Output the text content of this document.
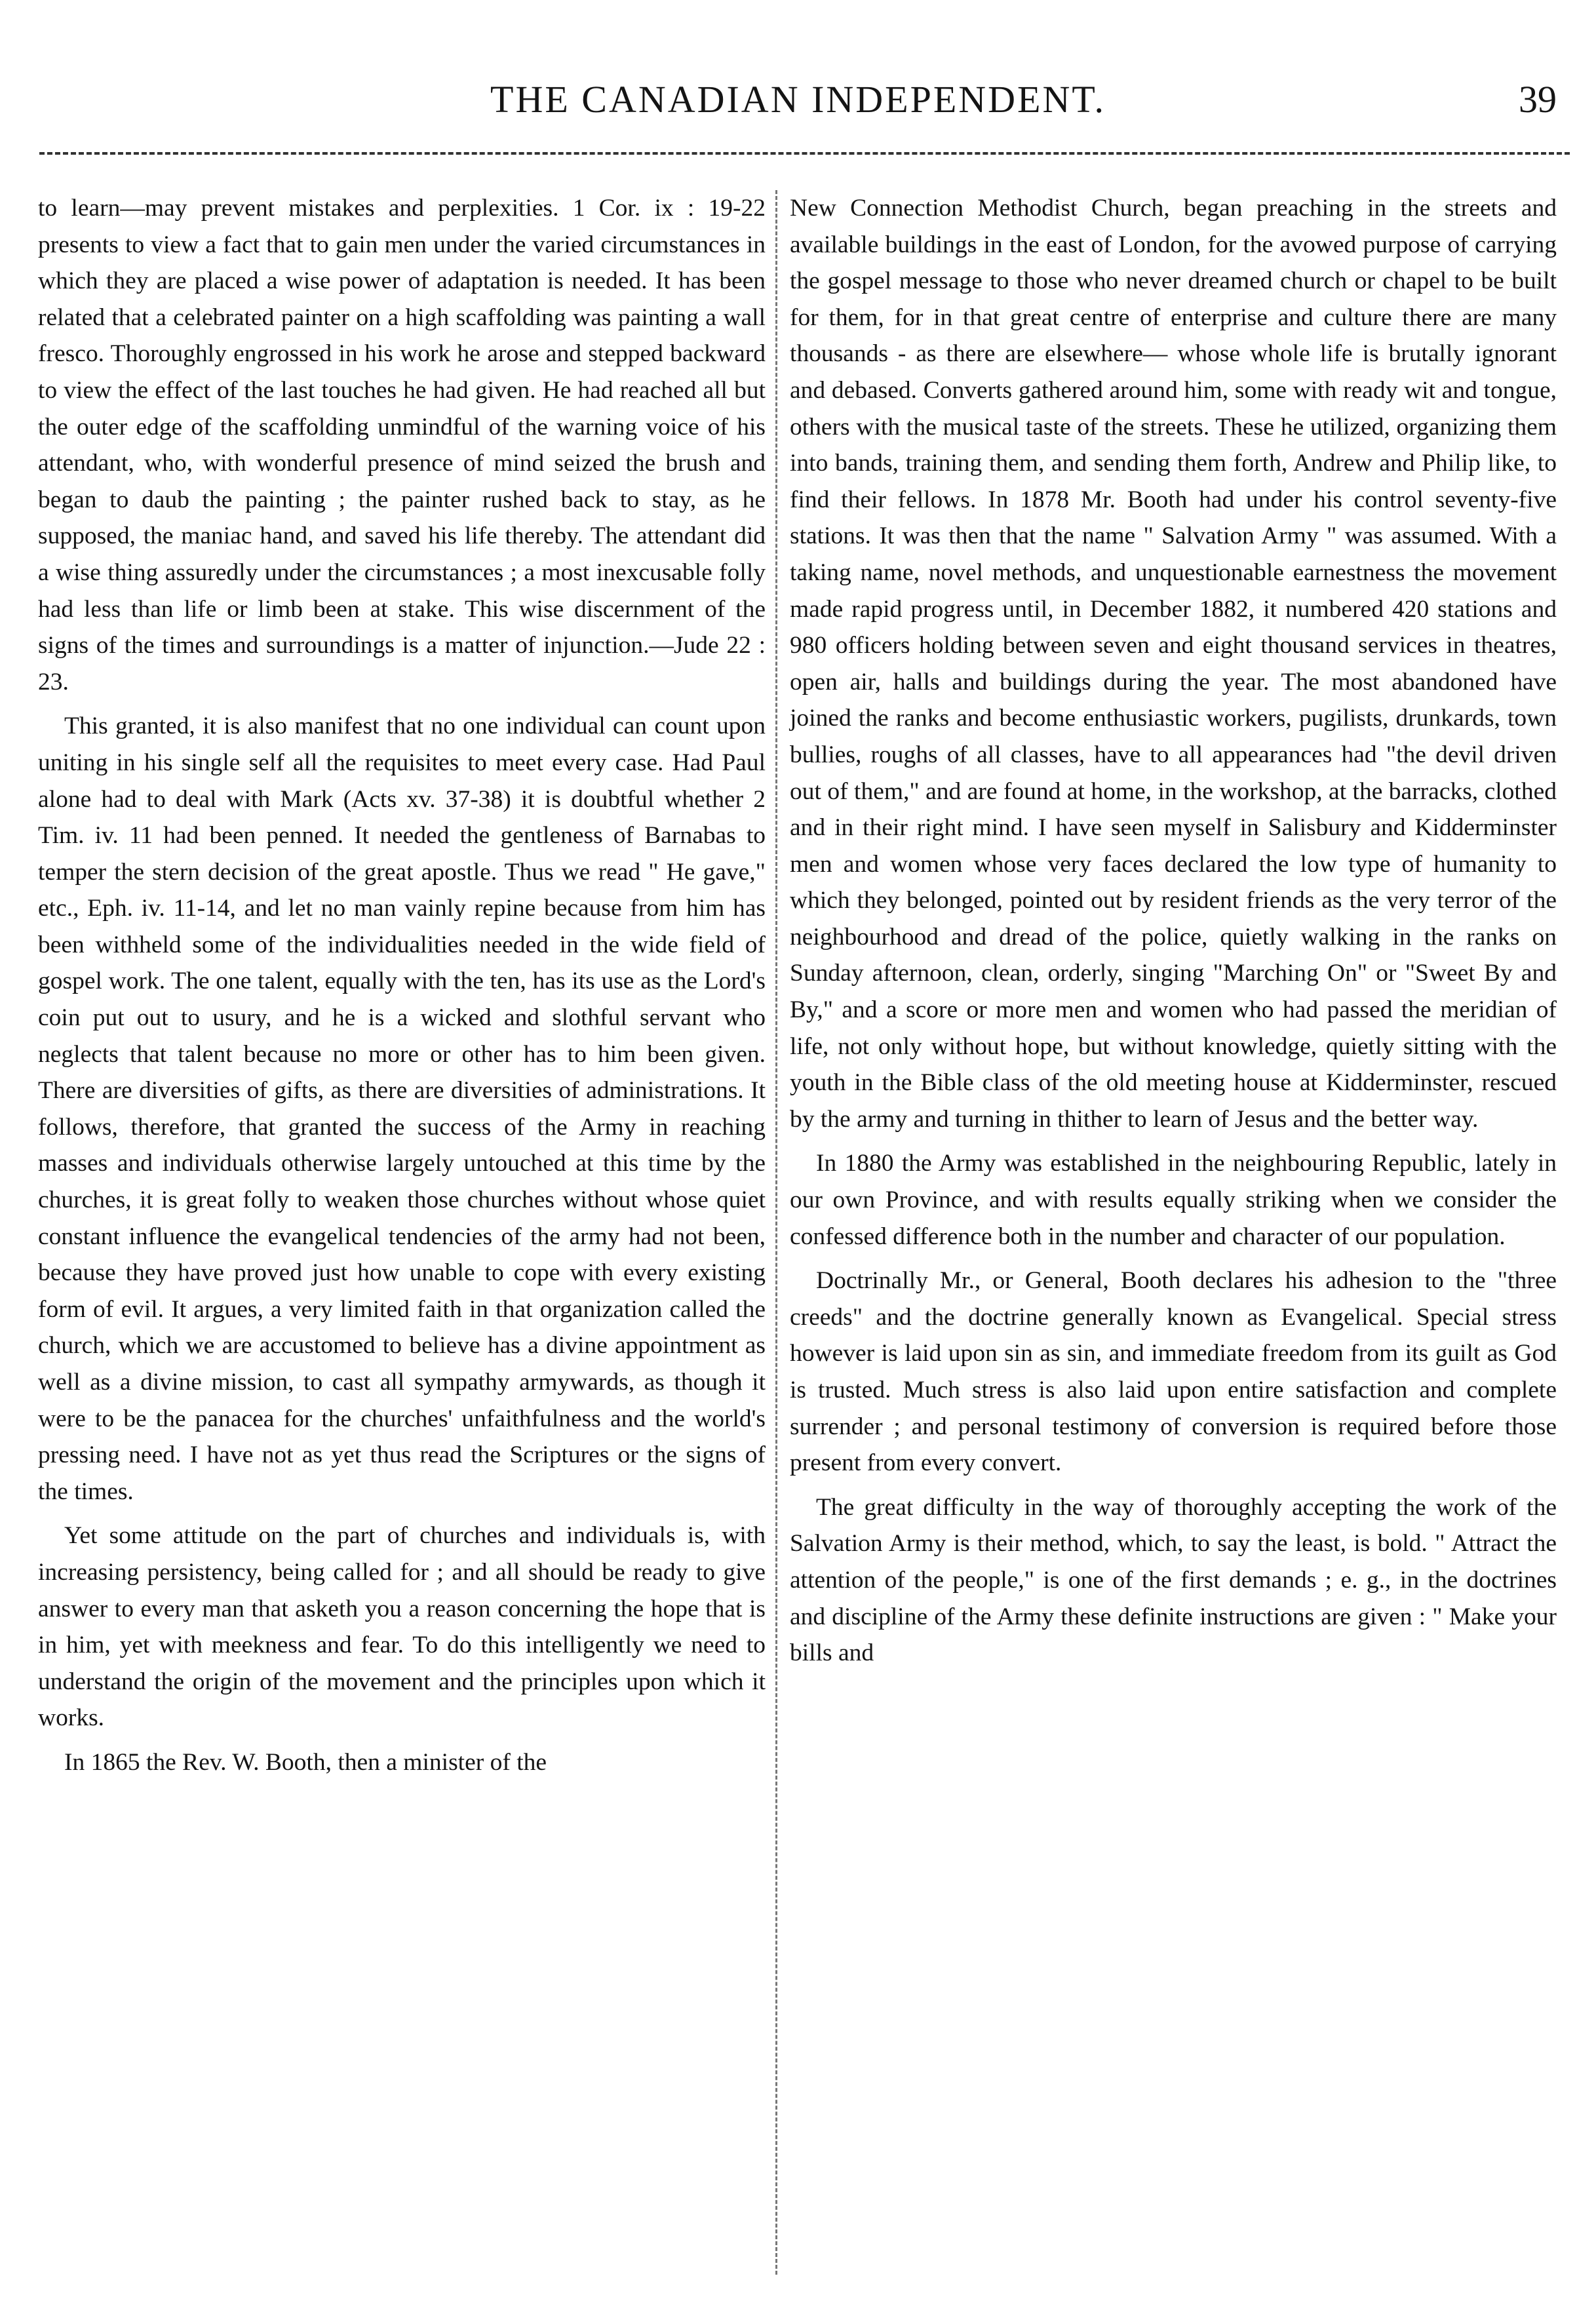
THE CANADIAN INDEPENDENT.	39

to learn—may prevent mistakes and perplexities. 1 Cor. ix : 19-22 presents to view a fact that to gain men under the varied circumstances in which they are placed a wise power of adaptation is needed. It has been related that a celebrated painter on a high scaffolding was painting a wall fresco. Thoroughly engrossed in his work he arose and stepped backward to view the effect of the last touches he had given. He had reached all but the outer edge of the scaffolding unmindful of the warning voice of his attendant, who, with wonderful presence of mind seized the brush and began to daub the painting ; the painter rushed back to stay, as he supposed, the maniac hand, and saved his life thereby. The attendant did a wise thing assuredly under the circumstances ; a most inexcusable folly had less than life or limb been at stake. This wise discernment of the signs of the times and surroundings is a matter of injunction.—Jude 22 : 23.

This granted, it is also manifest that no one individual can count upon uniting in his single self all the requisites to meet every case. Had Paul alone had to deal with Mark (Acts xv. 37-38) it is doubtful whether 2 Tim. iv. 11 had been penned. It needed the gentleness of Barnabas to temper the stern decision of the great apostle. Thus we read " He gave," etc., Eph. iv. 11-14, and let no man vainly repine because from him has been withheld some of the individualities needed in the wide field of gospel work. The one talent, equally with the ten, has its use as the Lord's coin put out to usury, and he is a wicked and slothful servant who neglects that talent because no more or other has to him been given. There are diversities of gifts, as there are diversities of administrations. It follows, therefore, that granted the success of the Army in reaching masses and individuals otherwise largely untouched at this time by the churches, it is great folly to weaken those churches without whose quiet constant influence the evangelical tendencies of the army had not been, because they have proved just how unable to cope with every existing form of evil. It argues, a very limited faith in that organization called the church, which we are accustomed to believe has a divine appointment as well as a divine mission, to cast all sympathy armywards, as though it were to be the panacea for the churches' unfaithfulness and the world's pressing need. I have not as yet thus read the Scriptures or the signs of the times.

Yet some attitude on the part of churches and individuals is, with increasing persistency, being called for ; and all should be ready to give answer to every man that asketh you a reason concerning the hope that is in him, yet with meekness and fear. To do this intelligently we need to understand the origin of the movement and the principles upon which it works.

In 1865 the Rev. W. Booth, then a minister of the

New Connection Methodist Church, began preaching in the streets and available buildings in the east of London, for the avowed purpose of carrying the gospel message to those who never dreamed church or chapel to be built for them, for in that great centre of enterprise and culture there are many thousands - as there are elsewhere— whose whole life is brutally ignorant and debased. Converts gathered around him, some with ready wit and tongue, others with the musical taste of the streets. These he utilized, organizing them into bands, training them, and sending them forth, Andrew and Philip like, to find their fellows. In 1878 Mr. Booth had under his control seventy-five stations. It was then that the name " Salvation Army " was assumed. With a taking name, novel methods, and unquestionable earnestness the movement made rapid progress until, in December 1882, it numbered 420 stations and 980 officers holding between seven and eight thousand services in theatres, open air, halls and buildings during the year. The most abandoned have joined the ranks and become enthusiastic workers, pugilists, drunkards, town bullies, roughs of all classes, have to all appearances had "the devil driven out of them," and are found at home, in the workshop, at the barracks, clothed and in their right mind. I have seen myself in Salisbury and Kidderminster men and women whose very faces declared the low type of humanity to which they belonged, pointed out by resident friends as the very terror of the neighbourhood and dread of the police, quietly walking in the ranks on Sunday afternoon, clean, orderly, singing "Marching On" or "Sweet By and By," and a score or more men and women who had passed the meridian of life, not only without hope, but without knowledge, quietly sitting with the youth in the Bible class of the old meeting house at Kidderminster, rescued by the army and turning in thither to learn of Jesus and the better way.

In 1880 the Army was established in the neighbouring Republic, lately in our own Province, and with results equally striking when we consider the confessed difference both in the number and character of our population.

Doctrinally Mr., or General, Booth declares his adhesion to the "three creeds" and the doctrine generally known as Evangelical. Special stress however is laid upon sin as sin, and immediate freedom from its guilt as God is trusted. Much stress is also laid upon entire satisfaction and complete surrender ; and personal testimony of conversion is required before those present from every convert.

The great difficulty in the way of thoroughly accepting the work of the Salvation Army is their method, which, to say the least, is bold. " Attract the attention of the people," is one of the first demands ; e. g., in the doctrines and discipline of the Army these definite instructions are given : " Make your bills and
